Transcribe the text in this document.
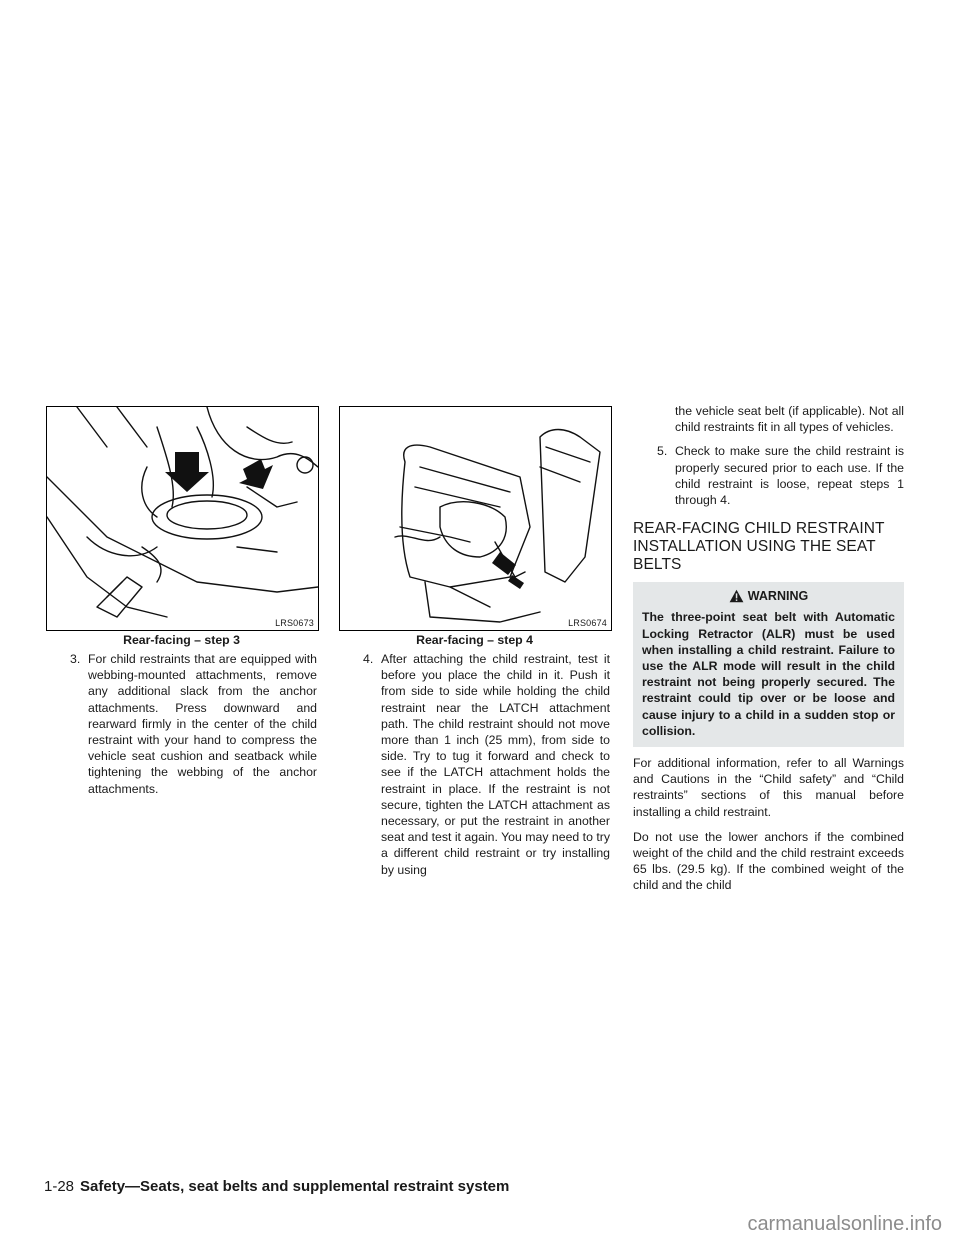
LRS0673
Rear-facing – step 3
LRS0674
Rear-facing – step 4

3. For child restraints that are equipped with webbing-mounted attachments, remove any additional slack from the anchor attachments. Press downward and rearward firmly in the center of the child restraint with your hand to compress the vehicle seat cushion and seatback while tightening the webbing of the anchor attachments.

4. After attaching the child restraint, test it before you place the child in it. Push it from side to side while holding the child restraint near the LATCH attachment path. The child restraint should not move more than 1 inch (25 mm), from side to side. Try to tug it forward and check to see if the LATCH attachment holds the restraint in place. If the restraint is not secure, tighten the LATCH attachment as necessary, or put the restraint in another seat and test it again. You may need to try a different child restraint or try installing by using

the vehicle seat belt (if applicable). Not all child restraints fit in all types of vehicles.

5. Check to make sure the child restraint is properly secured prior to each use. If the child restraint is loose, repeat steps 1 through 4.

REAR-FACING CHILD RESTRAINT INSTALLATION USING THE SEAT BELTS
WARNING
The three-point seat belt with Automatic Locking Retractor (ALR) must be used when installing a child restraint. Failure to use the ALR mode will result in the child restraint not being properly secured. The restraint could tip over or be loose and cause injury to a child in a sudden stop or collision.

For additional information, refer to all Warnings and Cautions in the “Child safety” and “Child restraints” sections of this manual before installing a child restraint.

Do not use the lower anchors if the combined weight of the child and the child restraint exceeds 65 lbs. (29.5 kg). If the combined weight of the child and the child

1-28 Safety—Seats, seat belts and supplemental restraint system
carmanualsonline.info
